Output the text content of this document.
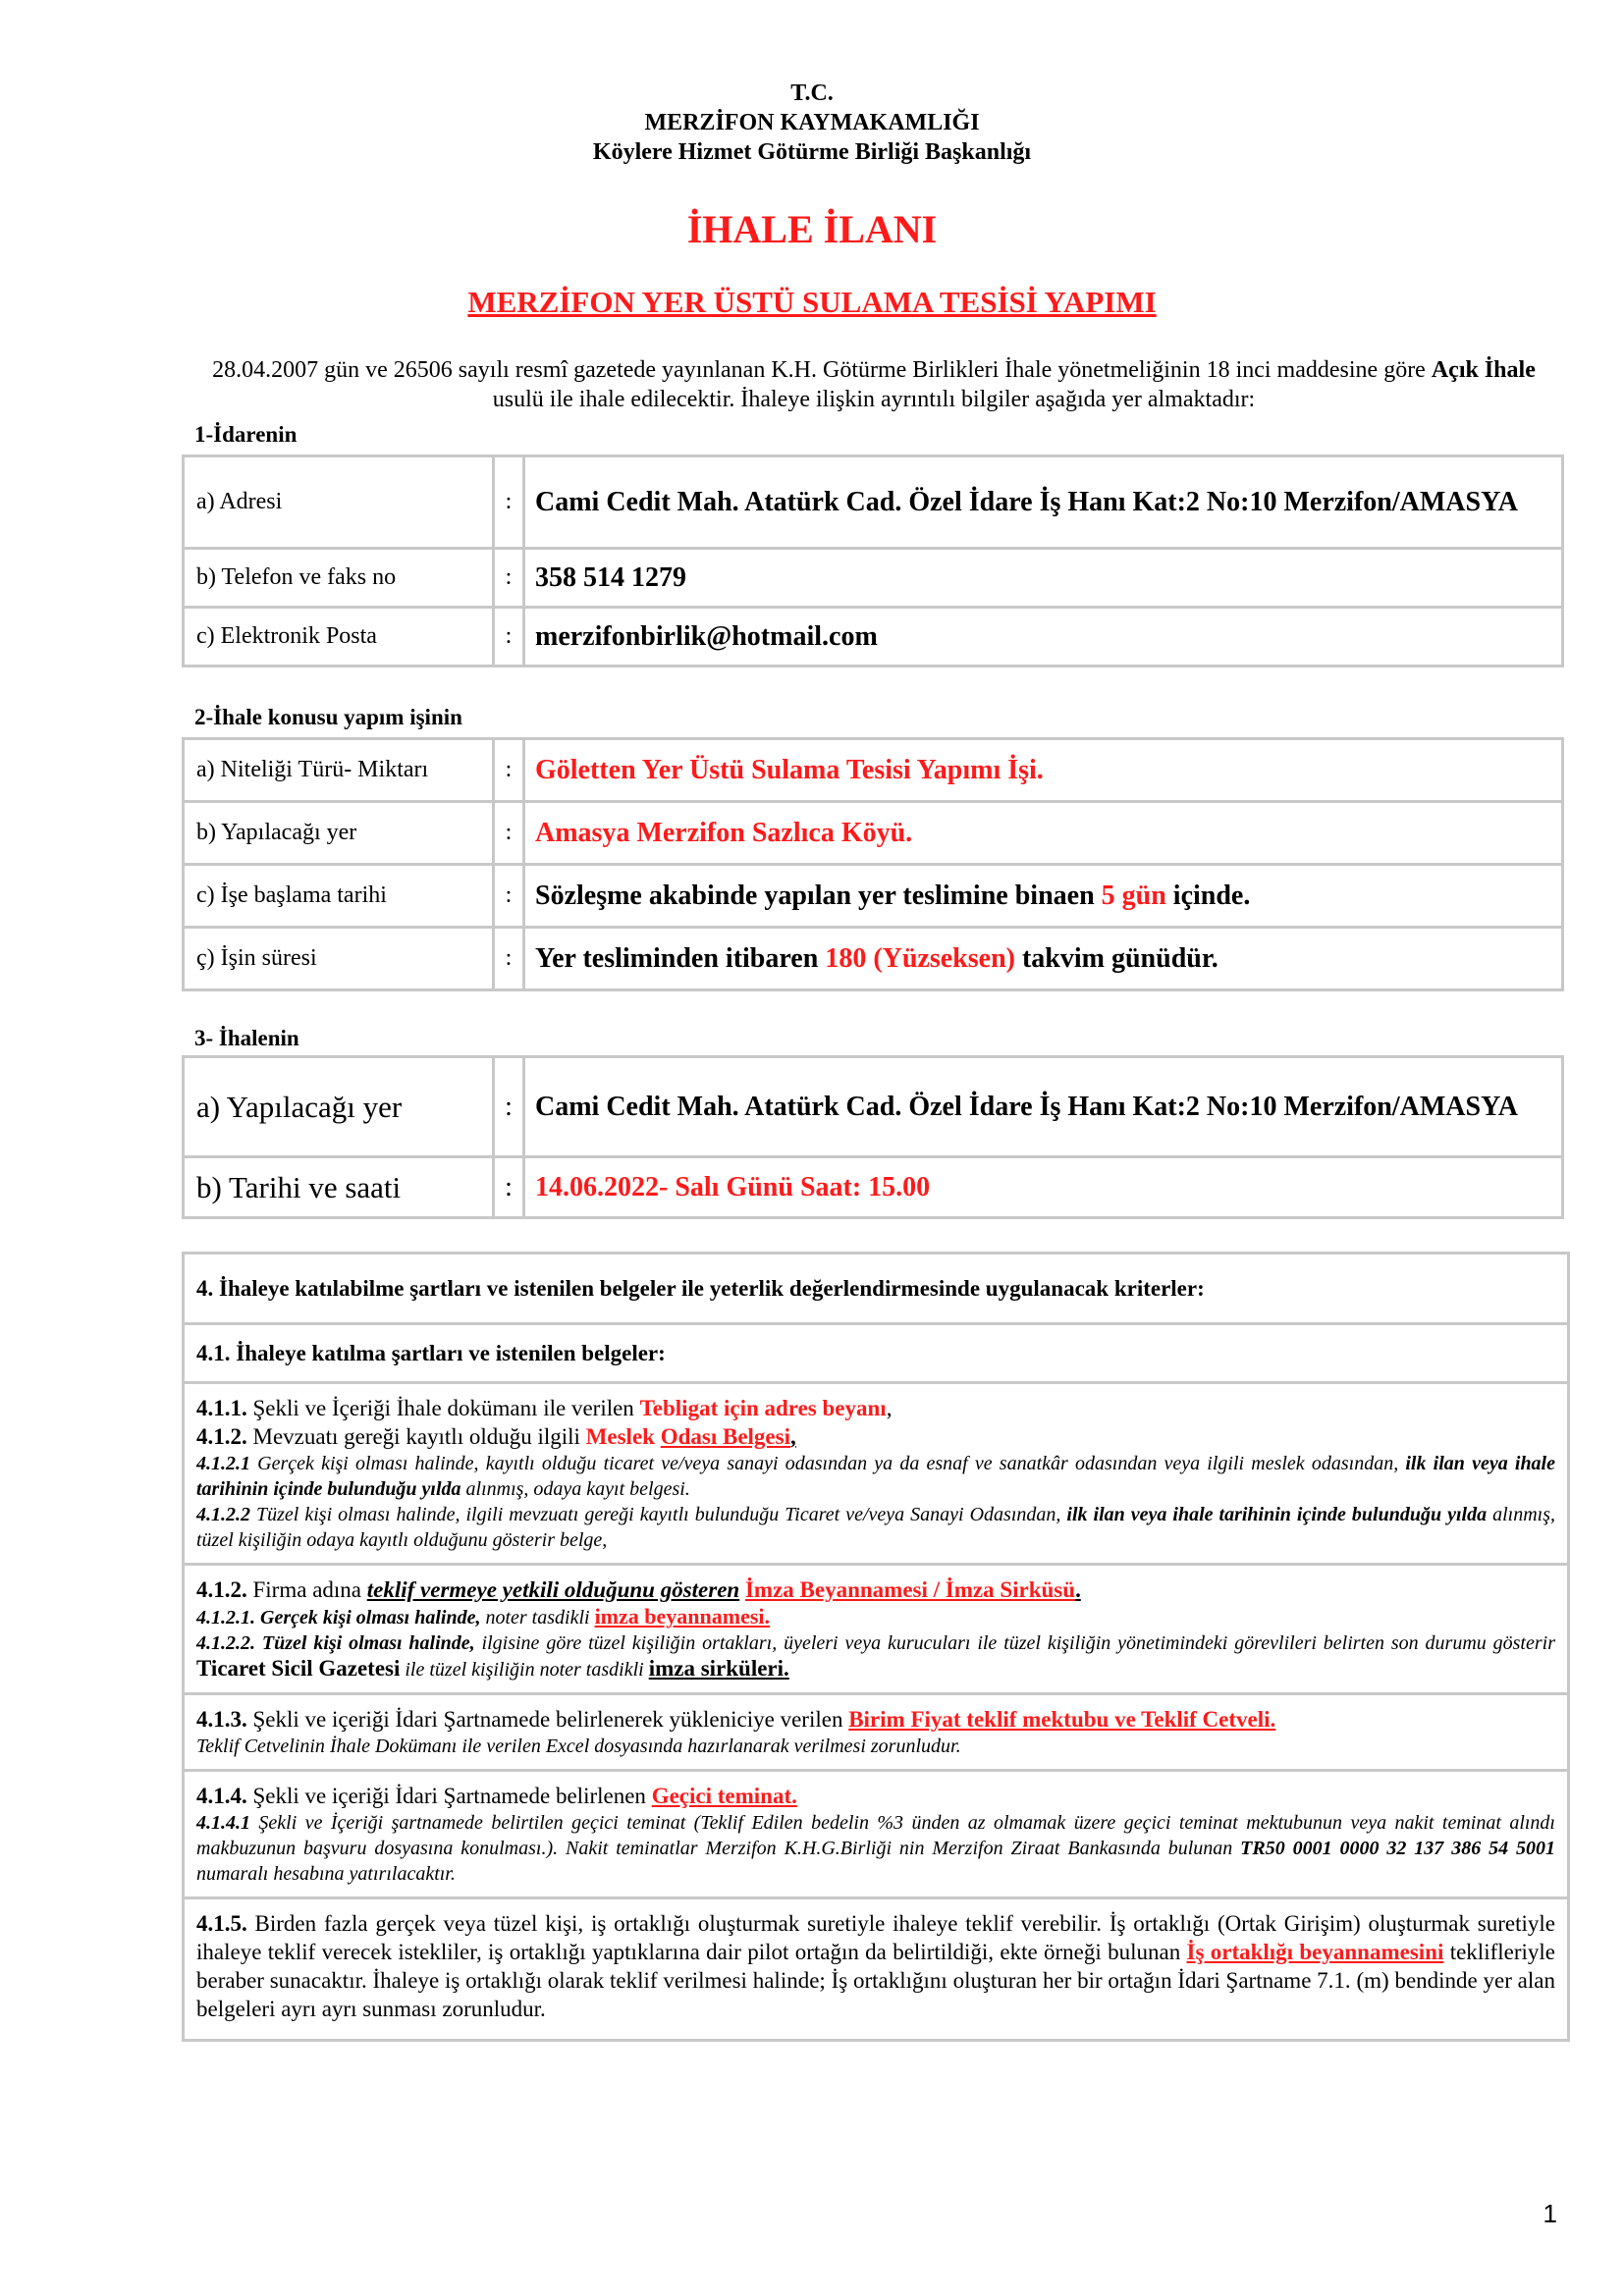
T.C.
MERZİFON KAYMAKAMLIĞI
Köylere Hizmet Götürme Birliği Başkanlığı
İHALE İLANI
MERZİFON YER ÜSTÜ SULAMA TESİSİ YAPIMI
28.04.2007 gün ve 26506 sayılı resmî gazetede yayınlanan K.H. Götürme Birlikleri İhale yönetmeliğinin 18 inci maddesine göre Açık İhale usulü ile ihale edilecektir. İhaleye ilişkin ayrıntılı bilgiler aşağıda yer almaktadır:
1-İdarenin
a) Adresi	:	Cami Cedit Mah. Atatürk Cad. Özel İdare İş Hanı Kat:2 No:10 Merzifon/AMASYA
b) Telefon ve faks no	:	358 514 1279
c) Elektronik Posta	:	merzifonbirlik@hotmail.com
2-İhale konusu yapım işinin
a) Niteliği Türü- Miktarı	:	Göletten Yer Üstü Sulama Tesisi Yapımı İşi.
b) Yapılacağı yer	:	Amasya Merzifon Sazlıca Köyü.
c) İşe başlama tarihi	:	Sözleşme akabinde yapılan yer teslimine binaen 5 gün içinde.
ç) İşin süresi	:	Yer tesliminden itibaren 180 (Yüzseksen) takvim günüdür.
3- İhalenin
a) Yapılacağı yer	:	Cami Cedit Mah. Atatürk Cad. Özel İdare İş Hanı Kat:2 No:10 Merzifon/AMASYA
b) Tarihi ve saati	:	14.06.2022- Salı Günü Saat: 15.00
4. İhaleye katılabilme şartları ve istenilen belgeler ile yeterlik değerlendirmesinde uygulanacak kriterler:
4.1. İhaleye katılma şartları ve istenilen belgeler:
4.1.1. Şekli ve İçeriği İhale dokümanı ile verilen Tebligat için adres beyanı,
4.1.2. Mevzuatı gereği kayıtlı olduğu ilgili Meslek Odası Belgesi,
4.1.2.1 Gerçek kişi olması halinde, kayıtlı olduğu ticaret ve/veya sanayi odasından ya da esnaf ve sanatkâr odasından veya ilgili meslek odasından, ilk ilan veya ihale tarihinin içinde bulunduğu yılda alınmış, odaya kayıt belgesi.
4.1.2.2 Tüzel kişi olması halinde, ilgili mevzuatı gereği kayıtlı bulunduğu Ticaret ve/veya Sanayi Odasından, ilk ilan veya ihale tarihinin içinde bulunduğu yılda alınmış, tüzel kişiliğin odaya kayıtlı olduğunu gösterir belge,
4.1.2. Firma adına teklif vermeye yetkili olduğunu gösteren İmza Beyannamesi / İmza Sirküsü.
4.1.2.1. Gerçek kişi olması halinde, noter tasdikli imza beyannamesi.
4.1.2.2. Tüzel kişi olması halinde, ilgisine göre tüzel kişiliğin ortakları, üyeleri veya kurucuları ile tüzel kişiliğin yönetimindeki görevlileri belirten son durumu gösterir Ticaret Sicil Gazetesi ile tüzel kişiliğin noter tasdikli imza sirküleri.
4.1.3. Şekli ve içeriği İdari Şartnamede belirlenerek yükleniciye verilen Birim Fiyat teklif mektubu ve Teklif Cetveli.
Teklif Cetvelinin İhale Dokümanı ile verilen Excel dosyasında hazırlanarak verilmesi zorunludur.
4.1.4. Şekli ve içeriği İdari Şartnamede belirlenen Geçici teminat.
4.1.4.1 Şekli ve İçeriği şartnamede belirtilen geçici teminat (Teklif Edilen bedelin %3 ünden az olmamak üzere geçici teminat mektubunun veya nakit teminat alındı makbuzunun başvuru dosyasına konulması.). Nakit teminatlar Merzifon K.H.G.Birliği nin Merzifon Ziraat Bankasında bulunan TR50 0001 0000 32 137 386 54 5001 numaralı hesabına yatırılacaktır.
4.1.5. Birden fazla gerçek veya tüzel kişi, iş ortaklığı oluşturmak suretiyle ihaleye teklif verebilir. İş ortaklığı (Ortak Girişim) oluşturmak suretiyle ihaleye teklif verecek istekliler, iş ortaklığı yaptıklarına dair pilot ortağın da belirtildiği, ekte örneği bulunan İş ortaklığı beyannamesini teklifleriyle beraber sunacaktır. İhaleye iş ortaklığı olarak teklif verilmesi halinde; İş ortaklığını oluşturan her bir ortağın İdari Şartname 7.1. (m) bendinde yer alan belgeleri ayrı ayrı sunması zorunludur.
1
